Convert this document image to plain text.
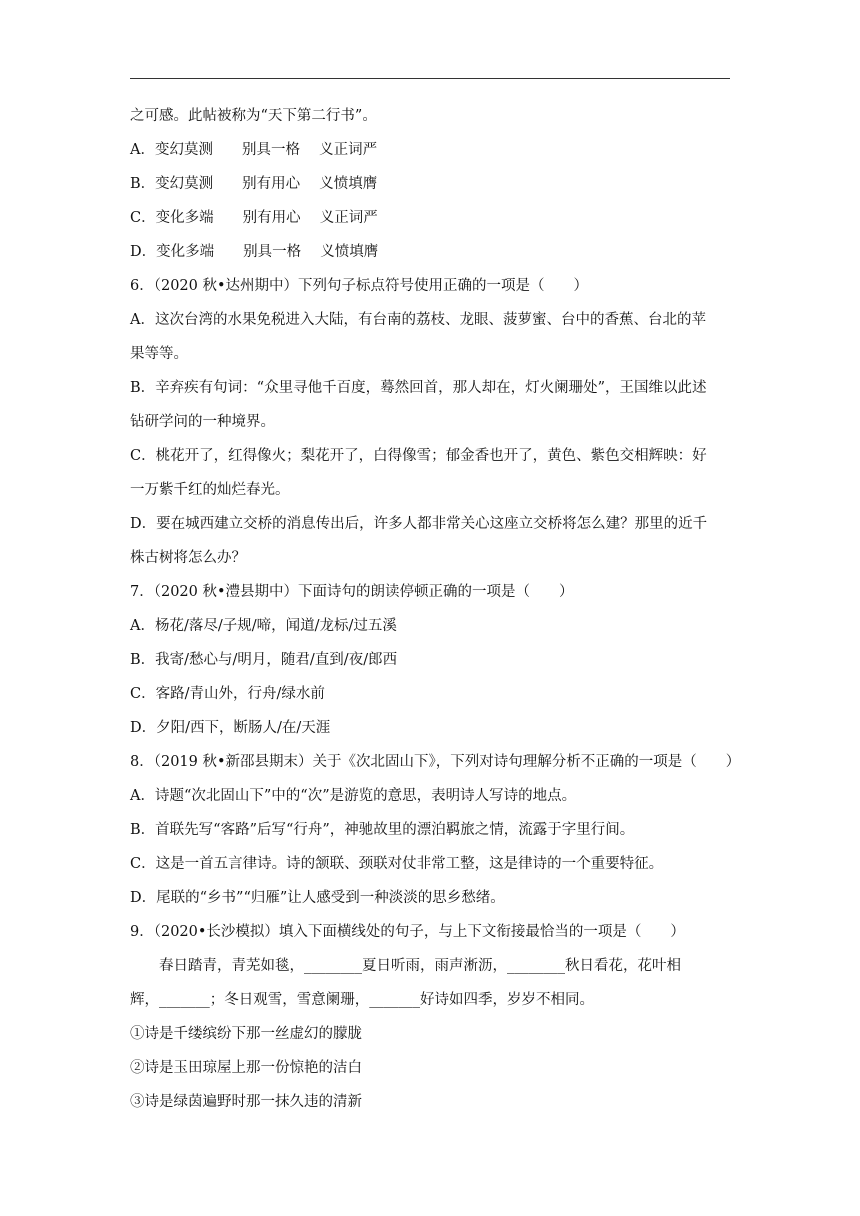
之可感。此帖被称为“天下第二行书”。
A．变幻莫测　　别具一格　 义正词严
B．变幻莫测　　别有用心　 义愤填膺
C．变化多端　　别有用心　 义正词严
D．变化多端　　别具一格　 义愤填膺
6．（2020 秋•达州期中）下列句子标点符号使用正确的一项是（　　）
A．这次台湾的水果免税进入大陆，有台南的荔枝、龙眼、菠萝蜜、台中的香蕉、台北的苹
果等等。
B．辛弃疾有句词：“众里寻他千百度，蓦然回首，那人却在，灯火阑珊处”，王国维以此述
钻研学问的一种境界。
C．桃花开了，红得像火；梨花开了，白得像雪；郁金香也开了，黄色、紫色交相辉映：好
一万紫千红的灿烂春光。
D．要在城西建立交桥的消息传出后，许多人都非常关心这座立交桥将怎么建？那里的近千
株古树将怎么办？
7．（2020 秋•澧县期中）下面诗句的朗读停顿正确的一项是（　　）
A．杨花/落尽/子规/啼，闻道/龙标/过五溪
B．我寄/愁心与/明月，随君/直到/夜/郎西
C．客路/青山外，行舟/绿水前
D．夕阳/西下，断肠人/在/天涯
8．（2019 秋•新邵县期末）关于《次北固山下》，下列对诗句理解分析不正确的一项是（　　）
A．诗题“次北固山下”中的“次”是游览的意思，表明诗人写诗的地点。
B．首联先写“客路”后写“行舟”，神驰故里的漂泊羁旅之情，流露于字里行间。
C．这是一首五言律诗。诗的颔联、颈联对仗非常工整，这是律诗的一个重要特征。
D．尾联的“乡书”“归雁”让人感受到一种淡淡的思乡愁绪。
9．（2020•长沙模拟）填入下面横线处的句子，与上下文衔接最恰当的一项是（　　）
春日踏青，青芜如毯，________夏日听雨，雨声淅沥，________秋日看花，花叶相
辉，_______；冬日观雪，雪意阑珊，_______好诗如四季，岁岁不相同。
①诗是千缕缤纷下那一丝虚幻的朦胧
②诗是玉田琼屋上那一份惊艳的洁白
③诗是绿茵遍野时那一抹久违的清新
